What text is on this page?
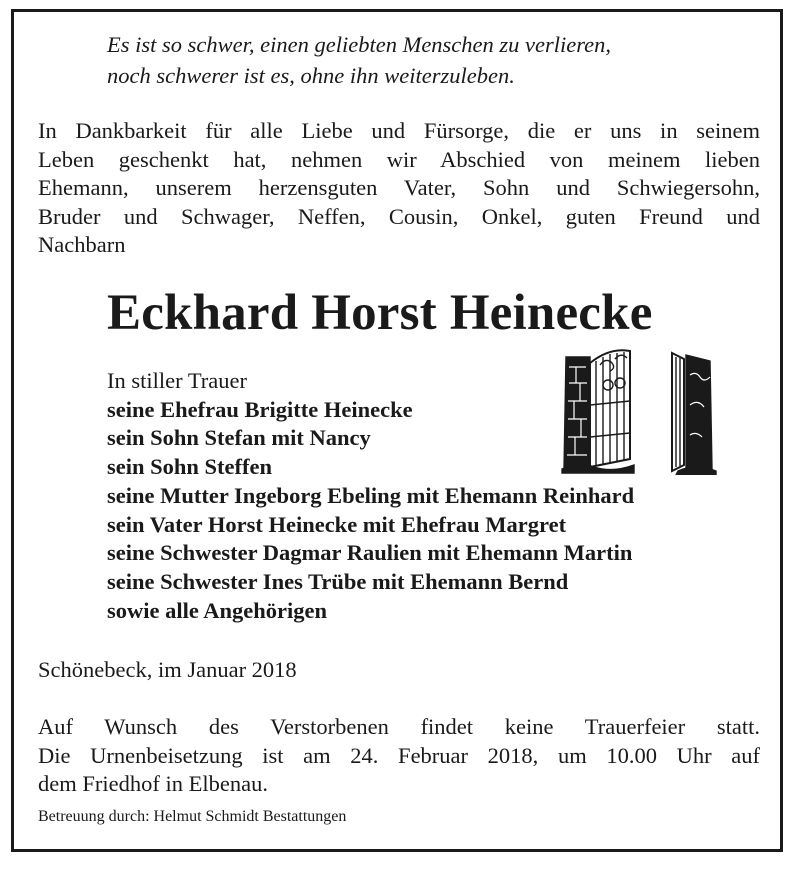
Es ist so schwer, einen geliebten Menschen zu verlieren,
noch schwerer ist es, ohne ihn weiterzuleben.
In Dankbarkeit für alle Liebe und Fürsorge, die er uns in seinem
Leben geschenkt hat, nehmen wir Abschied von meinem lieben
Ehemann, unserem herzensguten Vater, Sohn und Schwiegersohn,
Bruder und Schwager, Neffen, Cousin, Onkel, guten Freund und
Nachbarn
Eckhard Horst Heinecke
In stiller Trauer
seine Ehefrau Brigitte Heinecke
sein Sohn Stefan mit Nancy
sein Sohn Steffen
seine Mutter Ingeborg Ebeling mit Ehemann Reinhard
sein Vater Horst Heinecke mit Ehefrau Margret
seine Schwester Dagmar Raulien mit Ehemann Martin
seine Schwester Ines Trübe mit Ehemann Bernd
sowie alle Angehörigen
Schönebeck, im Januar 2018
Auf Wunsch des Verstorbenen findet keine Trauerfeier statt.
Die Urnenbeisetzung ist am 24. Februar 2018, um 10.00 Uhr auf
dem Friedhof in Elbenau.
Betreuung durch: Helmut Schmidt Bestattungen
